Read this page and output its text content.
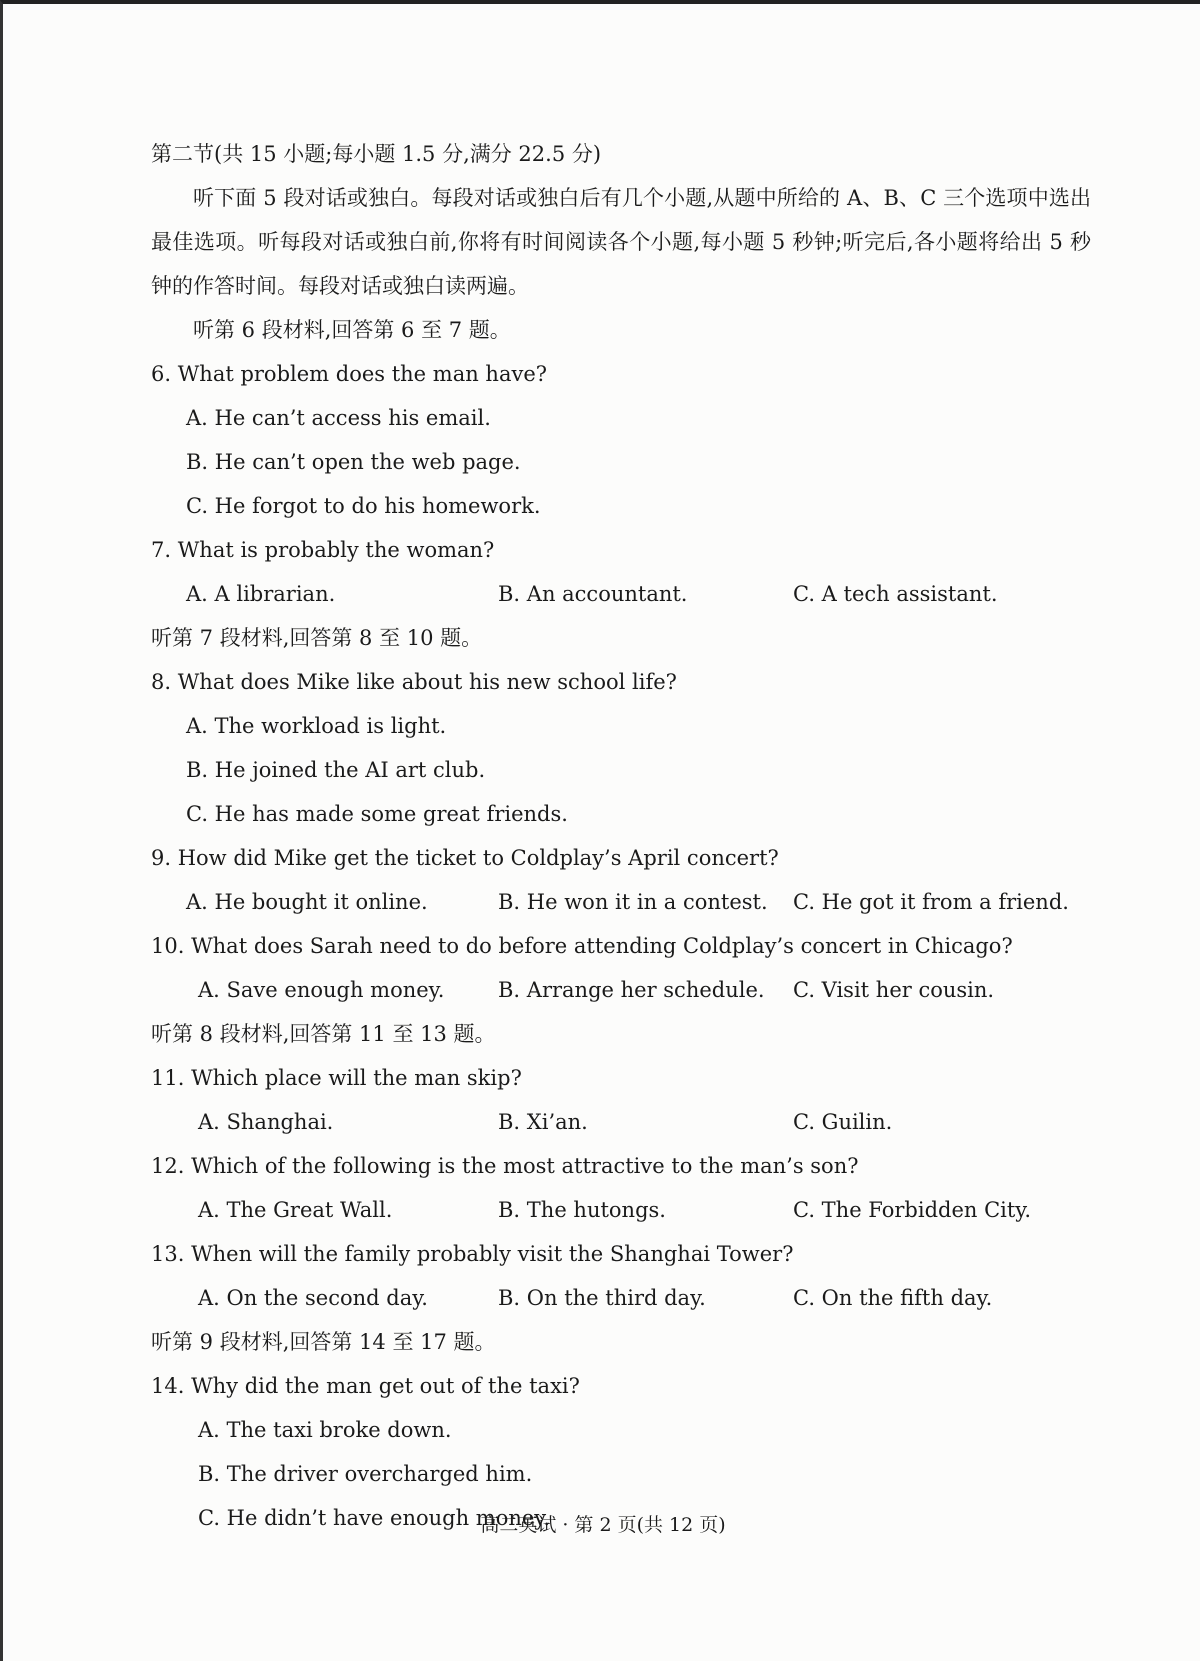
第二节(共 15 小题;每小题 1.5 分,满分 22.5 分)

听下面 5 段对话或独白。每段对话或独白后有几个小题,从题中所给的 A、B、C 三个选项中选出最佳选项。听每段对话或独白前,你将有时间阅读各个小题,每小题 5 秒钟;听完后,各小题将给出 5 秒钟的作答时间。每段对话或独白读两遍。

听第 6 段材料,回答第 6 至 7 题。

6. What problem does the man have?

A. He can’t access his email.

B. He can’t open the web page.

C. He forgot to do his homework.

7. What is probably the woman?

A. A librarian.	B. An accountant.	C. A tech assistant.

听第 7 段材料,回答第 8 至 10 题。

8. What does Mike like about his new school life?

A. The workload is light.

B. He joined the AI art club.

C. He has made some great friends.

9. How did Mike get the ticket to Coldplay’s April concert?

A. He bought it online.	B. He won it in a contest.	C. He got it from a friend.

10. What does Sarah need to do before attending Coldplay’s concert in Chicago?

A. Save enough money.	B. Arrange her schedule.	C. Visit her cousin.

听第 8 段材料,回答第 11 至 13 题。

11. Which place will the man skip?

A. Shanghai.	B. Xi’an.	C. Guilin.

12. Which of the following is the most attractive to the man’s son?

A. The Great Wall.	B. The hutongs.	C. The Forbidden City.

13. When will the family probably visit the Shanghai Tower?

A. On the second day.	B. On the third day.	C. On the fifth day.

听第 9 段材料,回答第 14 至 17 题。

14. Why did the man get out of the taxi?

A. The taxi broke down.

B. The driver overcharged him.

C. He didn’t have enough money.

高二英试 · 第 2 页(共 12 页)
